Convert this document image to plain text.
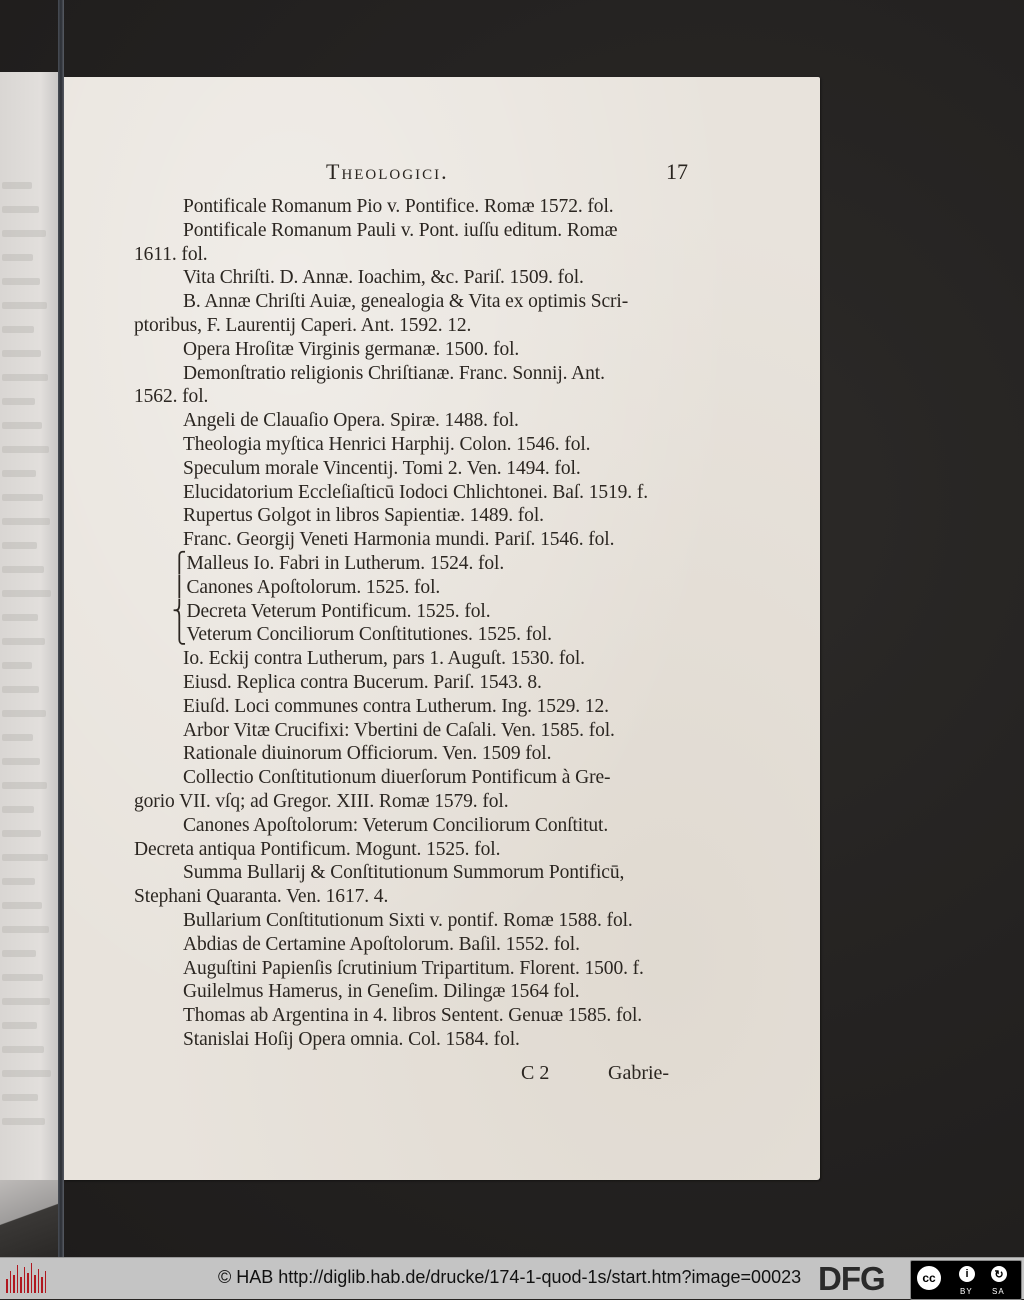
Theologici.	17
Pontificale Romanum Pio v. Pontifice. Romæ 1572. fol.
Pontificale Romanum Pauli v. Pont. iuſſu editum. Romæ
1611. fol.
Vita Chriſti. D. Annæ. Ioachim, &c. Pariſ. 1509. fol.
B. Annæ Chriſti Auiæ, genealogia & Vita ex optimis Scri-
ptoribus, F. Laurentij Caperi. Ant. 1592. 12.
Opera Hroſitæ Virginis germanæ. 1500. fol.
Demonſtratio religionis Chriſtianæ. Franc. Sonnij. Ant.
1562. fol.
Angeli de Clauaſio Opera. Spiræ. 1488. fol.
Theologia myſtica Henrici Harphij. Colon. 1546. fol.
Speculum morale Vincentij. Tomi 2. Ven. 1494. fol.
Elucidatorium Eccleſiaſticū Iodoci Chlichtonei. Baſ. 1519. f.
Rupertus Golgot in libros Sapientiæ. 1489. fol.
Franc. Georgij Veneti Harmonia mundi. Pariſ. 1546. fol.
⎧Malleus Io. Fabri in Lutherum. 1524. fol.
⎪Canones Apoſtolorum. 1525. fol.
⎨Decreta Veterum Pontificum. 1525. fol.
⎩Veterum Conciliorum Conſtitutiones. 1525. fol.
Io. Eckij contra Lutherum, pars 1. Auguſt. 1530. fol.
Eiusd. Replica contra Bucerum. Pariſ. 1543. 8.
Eiuſd. Loci communes contra Lutherum. Ing. 1529. 12.
Arbor Vitæ Crucifixi: Vbertini de Caſali. Ven. 1585. fol.
Rationale diuinorum Officiorum. Ven. 1509 fol.
Collectio Conſtitutionum diuerſorum Pontificum à Gre-
gorio VII. vſq; ad Gregor. XIII. Romæ 1579. fol.
Canones Apoſtolorum: Veterum Conciliorum Conſtitut.
Decreta antiqua Pontificum. Mogunt. 1525. fol.
Summa Bullarij & Conſtitutionum Summorum Pontificū,
Stephani Quaranta. Ven. 1617. 4.
Bullarium Conſtitutionum Sixti v. pontif. Romæ 1588. fol.
Abdias de Certamine Apoſtolorum. Baſil. 1552. fol.
Auguſtini Papienſis ſcrutinium Tripartitum. Florent. 1500. f.
Guilelmus Hamerus, in Geneſim. Dilingæ 1564 fol.
Thomas ab Argentina in 4. libros Sentent. Genuæ 1585. fol.
Stanislai Hoſij Opera omnia. Col. 1584. fol.
C 2	Gabrie-
© HAB http://diglib.hab.de/drucke/174-1-quod-1s/start.htm?image=00023 DFG	cc	i	↻
BY SA
